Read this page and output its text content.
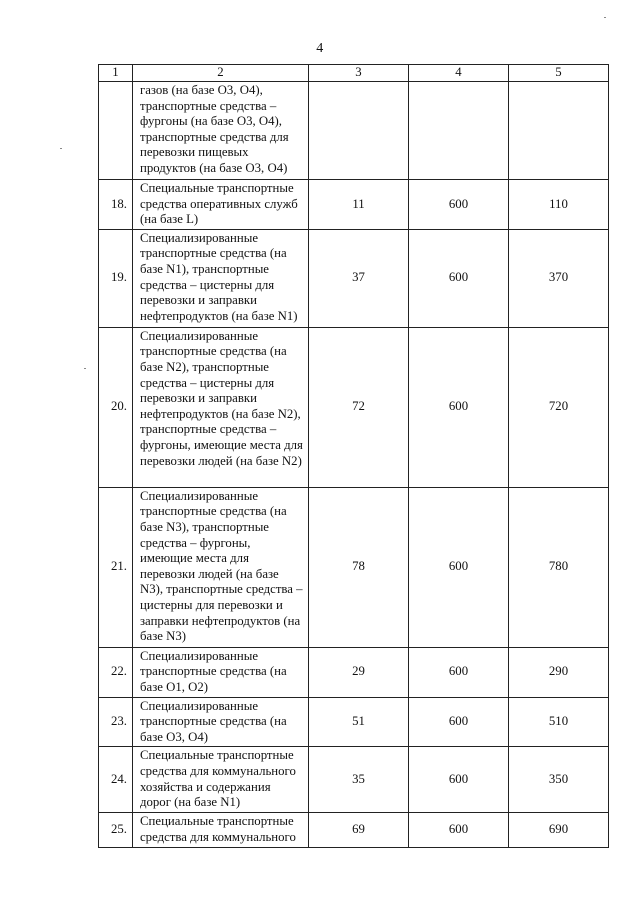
4
1	2	3	4	5
	газов (на базе О3, О4), транспортные средства – фургоны (на базе О3, О4), транспортные средства для перевозки пищевых продуктов (на базе О3, О4)			
18.	Специальные транспортные средства оперативных служб (на базе L)	11	600	110
19.	Специализированные транспортные средства (на базе N1), транспортные средства – цистерны для перевозки и заправки нефтепродуктов (на базе N1)	37	600	370
20.	Специализированные транспортные средства (на базе N2), транспортные средства – цистерны для перевозки и заправки нефтепродуктов (на базе N2), транспортные средства – фургоны, имеющие места для перевозки людей (на базе N2)	72	600	720
21.	Специализированные транспортные средства (на базе N3), транспортные средства – фургоны, имеющие места для перевозки людей (на базе N3), транспортные средства – цистерны для перевозки и заправки нефтепродуктов (на базе N3)	78	600	780
22.	Специализированные транспортные средства (на базе О1, О2)	29	600	290
23.	Специализированные транспортные средства (на базе О3, О4)	51	600	510
24.	Специальные транспортные средства для коммунального хозяйства и содержания дорог (на базе N1)	35	600	350
25.	Специальные транспортные средства для коммунального	69	600	690
